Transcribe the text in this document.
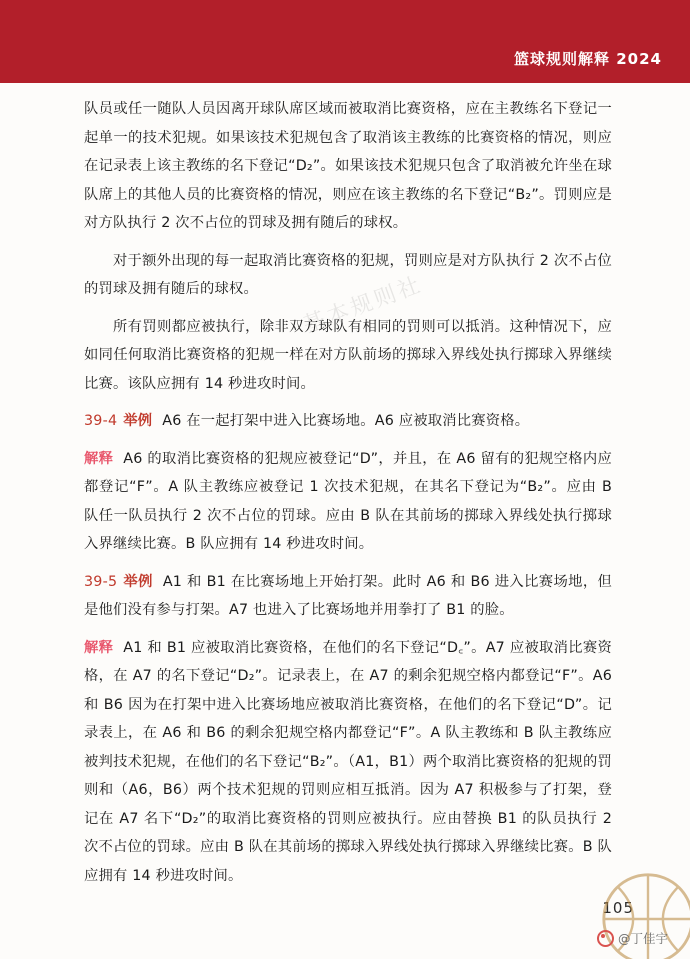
篮球规则解释 2024
基本规则社

队员或任一随队人员因离开球队席区域而被取消比赛资格，应在主教练名下登记一起单一的技术犯规。如果该技术犯规包含了取消该主教练的比赛资格的情况，则应在记录表上该主教练的名下登记“D₂”。如果该技术犯规只包含了取消被允许坐在球队席上的其他人员的比赛资格的情况，则应在该主教练的名下登记“B₂”。罚则应是对方队执行 2 次不占位的罚球及拥有随后的球权。

对于额外出现的每一起取消比赛资格的犯规，罚则应是对方队执行 2 次不占位的罚球及拥有随后的球权。

所有罚则都应被执行，除非双方球队有相同的罚则可以抵消。这种情况下，应如同任何取消比赛资格的犯规一样在对方队前场的掷球入界线处执行掷球入界继续比赛。该队应拥有 14 秒进攻时间。

39-4 举例 A6 在一起打架中进入比赛场地。A6 应被取消比赛资格。
解释 A6 的取消比赛资格的犯规应被登记“D”，并且，在 A6 留有的犯规空格内应都登记“F”。A 队主教练应被登记 1 次技术犯规，在其名下登记为“B₂”。应由 B 队任一队员执行 2 次不占位的罚球。应由 B 队在其前场的掷球入界线处执行掷球入界继续比赛。B 队应拥有 14 秒进攻时间。
39-5 举例 A1 和 B1 在比赛场地上开始打架。此时 A6 和 B6 进入比赛场地，但是他们没有参与打架。A7 也进入了比赛场地并用拳打了 B1 的脸。
解释 A1 和 B1 应被取消比赛资格，在他们的名下登记“D꜀”。A7 应被取消比赛资格，在 A7 的名下登记“D₂”。记录表上，在 A7 的剩余犯规空格内都登记“F”。A6 和 B6 因为在打架中进入比赛场地应被取消比赛资格，在他们的名下登记“D”。记录表上，在 A6 和 B6 的剩余犯规空格内都登记“F”。A 队主教练和 B 队主教练应被判技术犯规，在他们的名下登记“B₂”。（A1，B1）两个取消比赛资格的犯规的罚则和（A6，B6）两个技术犯规的罚则应相互抵消。因为 A7 积极参与了打架，登记在 A7 名下“D₂”的取消比赛资格的罚则应被执行。应由替换 B1 的队员执行 2 次不占位的罚球。应由 B 队在其前场的掷球入界线处执行掷球入界继续比赛。B 队应拥有 14 秒进攻时间。
105
@丁佳宇
